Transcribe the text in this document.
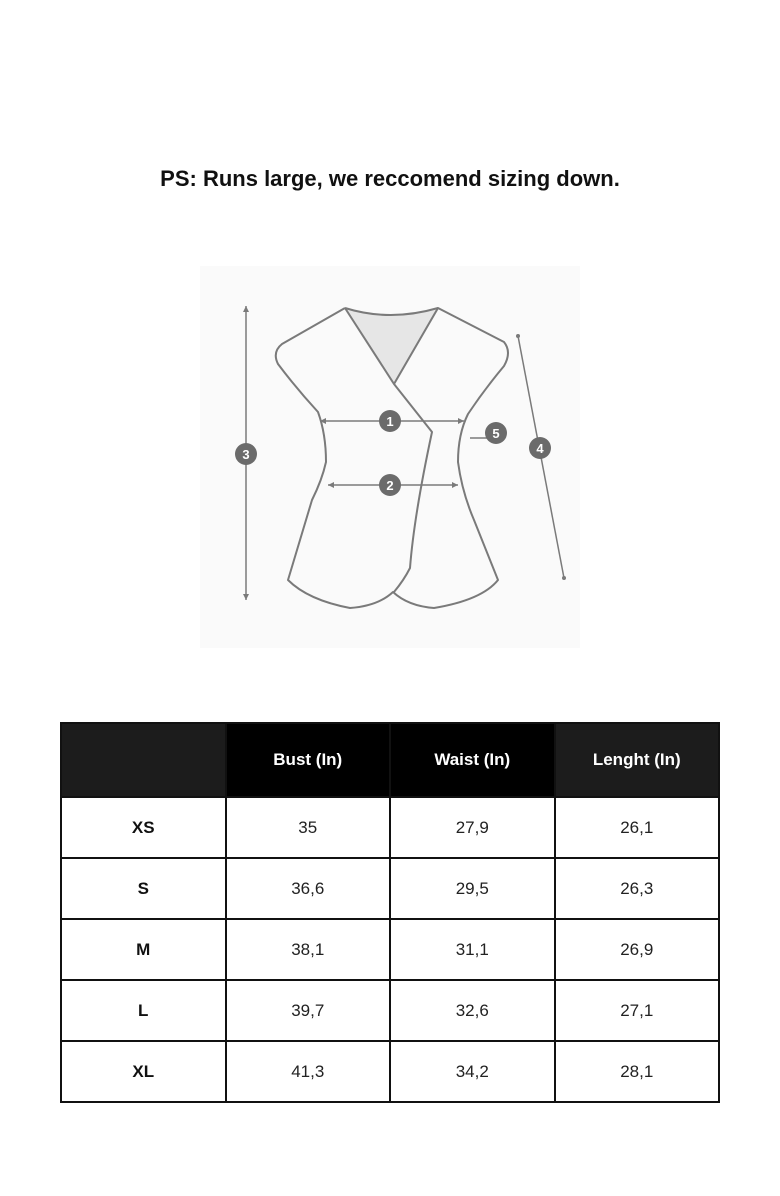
PS: Runs large, we reccomend sizing down.
1
2
3	4
5
	Bust (In)	Waist (In)	Lenght (In)
XS	35	27,9	26,1
S	36,6	29,5	26,3
M	38,1	31,1	26,9
L	39,7	32,6	27,1
XL	41,3	34,2	28,1
